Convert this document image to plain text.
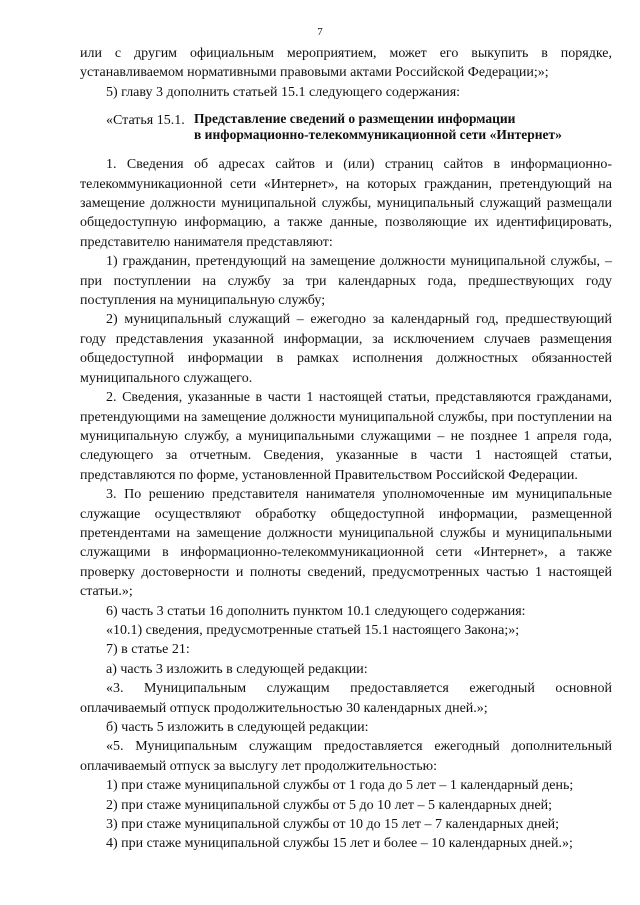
7

или с другим официальным мероприятием, может его выкупить в порядке, устанавливаемом нормативными правовыми актами Российской Федерации;»;

5) главу 3 дополнить статьей 15.1 следующего содержания:

«Статья 15.1. Представление сведений о размещении информации
в информационно-телекоммуникационной сети «Интернет»

1. Сведения об адресах сайтов и (или) страниц сайтов в информационно-телекоммуникационной сети «Интернет», на которых гражданин, претендующий на замещение должности муниципальной службы, муниципальный служащий размещали общедоступную информацию, а также данные, позволяющие их идентифицировать, представителю нанимателя представляют:

1) гражданин, претендующий на замещение должности муниципальной службы, – при поступлении на службу за три календарных года, предшествующих году поступления на муниципальную службу;

2) муниципальный служащий – ежегодно за календарный год, предшествующий году представления указанной информации, за исключением случаев размещения общедоступной информации в рамках исполнения должностных обязанностей муниципального служащего.

2. Сведения, указанные в части 1 настоящей статьи, представляются гражданами, претендующими на замещение должности муниципальной службы, при поступлении на муниципальную службу, а муниципальными служащими – не позднее 1 апреля года, следующего за отчетным. Сведения, указанные в части 1 настоящей статьи, представляются по форме, установленной Правительством Российской Федерации.

3. По решению представителя нанимателя уполномоченные им муниципальные служащие осуществляют обработку общедоступной информации, размещенной претендентами на замещение должности муниципальной службы и муниципальными служащими в информационно-телекоммуникационной сети «Интернет», а также проверку достоверности и полноты сведений, предусмотренных частью 1 настоящей статьи.»;

6) часть 3 статьи 16 дополнить пунктом 10.1 следующего содержания:

«10.1) сведения, предусмотренные статьей 15.1 настоящего Закона;»;

7) в статье 21:

а) часть 3 изложить в следующей редакции:

«3. Муниципальным служащим предоставляется ежегодный основной оплачиваемый отпуск продолжительностью 30 календарных дней.»;

б) часть 5 изложить в следующей редакции:

«5. Муниципальным служащим предоставляется ежегодный дополнительный оплачиваемый отпуск за выслугу лет продолжительностью:

1) при стаже муниципальной службы от 1 года до 5 лет – 1 календарный день;

2) при стаже муниципальной службы от 5 до 10 лет – 5 календарных дней;

3) при стаже муниципальной службы от 10 до 15 лет – 7 календарных дней;

4) при стаже муниципальной службы 15 лет и более – 10 календарных дней.»;
